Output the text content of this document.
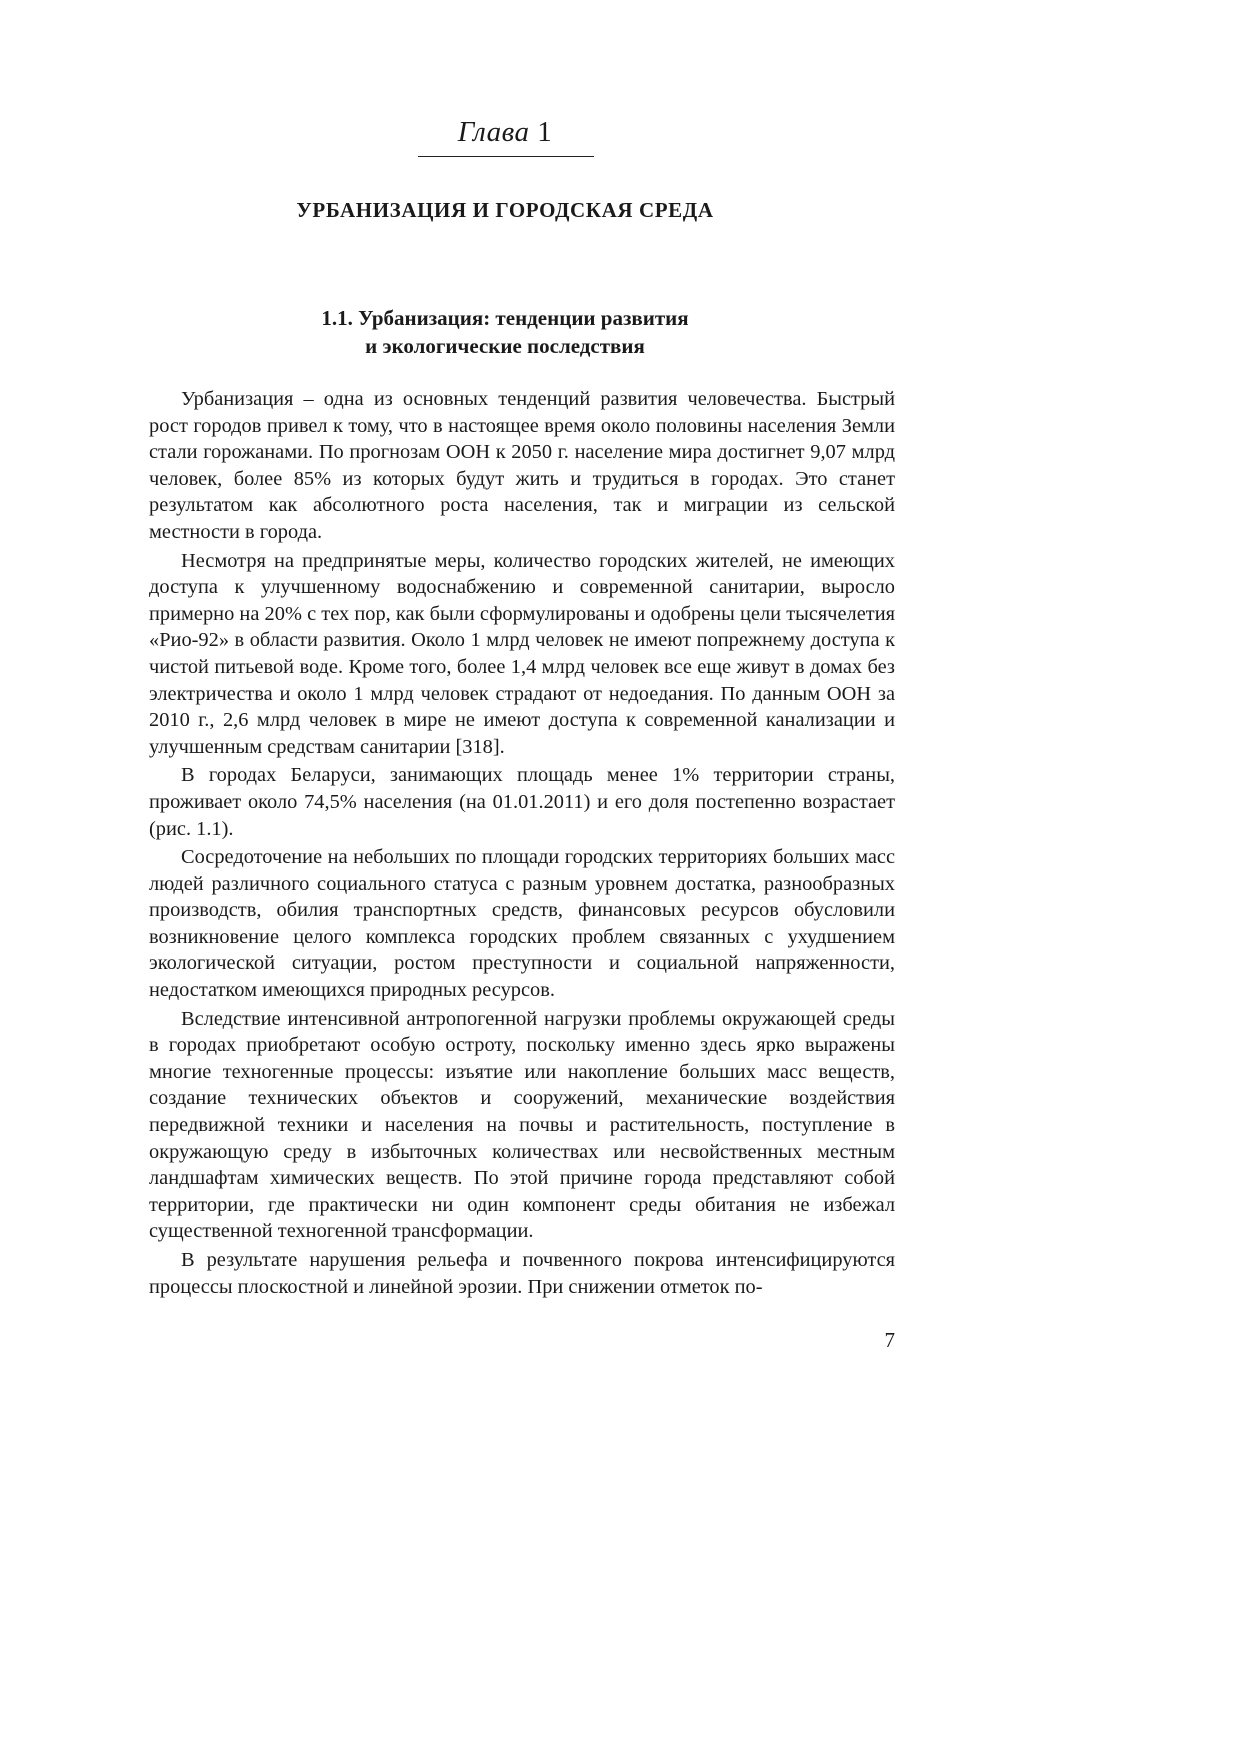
Глава 1
УРБАНИЗАЦИЯ И ГОРОДСКАЯ СРЕДА
1.1. Урбанизация: тенденции развития
и экологические последствия

Урбанизация – одна из основных тенденций развития человечества. Быстрый рост городов привел к тому, что в настоящее время около половины населения Земли стали горожанами. По прогнозам ООН к 2050 г. население мира достигнет 9,07 млрд человек, более 85% из которых будут жить и трудиться в городах. Это станет результатом как абсолютного роста населения, так и миграции из сельской местности в города.

Несмотря на предпринятые меры, количество городских жителей, не имеющих доступа к улучшенному водоснабжению и современной санитарии, выросло примерно на 20% с тех пор, как были сформулированы и одобрены цели тысячелетия «Рио-92» в области развития. Около 1 млрд человек не имеют попрежнему доступа к чистой питьевой воде. Кроме того, более 1,4 млрд человек все еще живут в домах без электричества и около 1 млрд человек страдают от недоедания. По данным ООН за 2010 г., 2,6 млрд человек в мире не имеют доступа к современной канализации и улучшенным средствам санитарии [318].

В городах Беларуси, занимающих площадь менее 1% территории страны, проживает около 74,5% населения (на 01.01.2011) и его доля постепенно возрастает (рис. 1.1).

Сосредоточение на небольших по площади городских территориях больших масс людей различного социального статуса с разным уровнем достатка, разнообразных производств, обилия транспортных средств, финансовых ресурсов обусловили возникновение целого комплекса городских проблем связанных с ухудшением экологической ситуации, ростом преступности и социальной напряженности, недостатком имеющихся природных ресурсов.

Вследствие интенсивной антропогенной нагрузки проблемы окружающей среды в городах приобретают особую остроту, поскольку именно здесь ярко выражены многие техногенные процессы: изъятие или накопление больших масс веществ, создание технических объектов и сооружений, механические воздействия передвижной техники и населения на почвы и растительность, поступление в окружающую среду в избыточных количествах или несвойственных местным ландшафтам химических веществ. По этой причине города представляют собой территории, где практически ни один компонент среды обитания не избежал существенной техногенной трансформации.

В результате нарушения рельефа и почвенного покрова интенсифицируются процессы плоскостной и линейной эрозии. При снижении отметок по-

7
